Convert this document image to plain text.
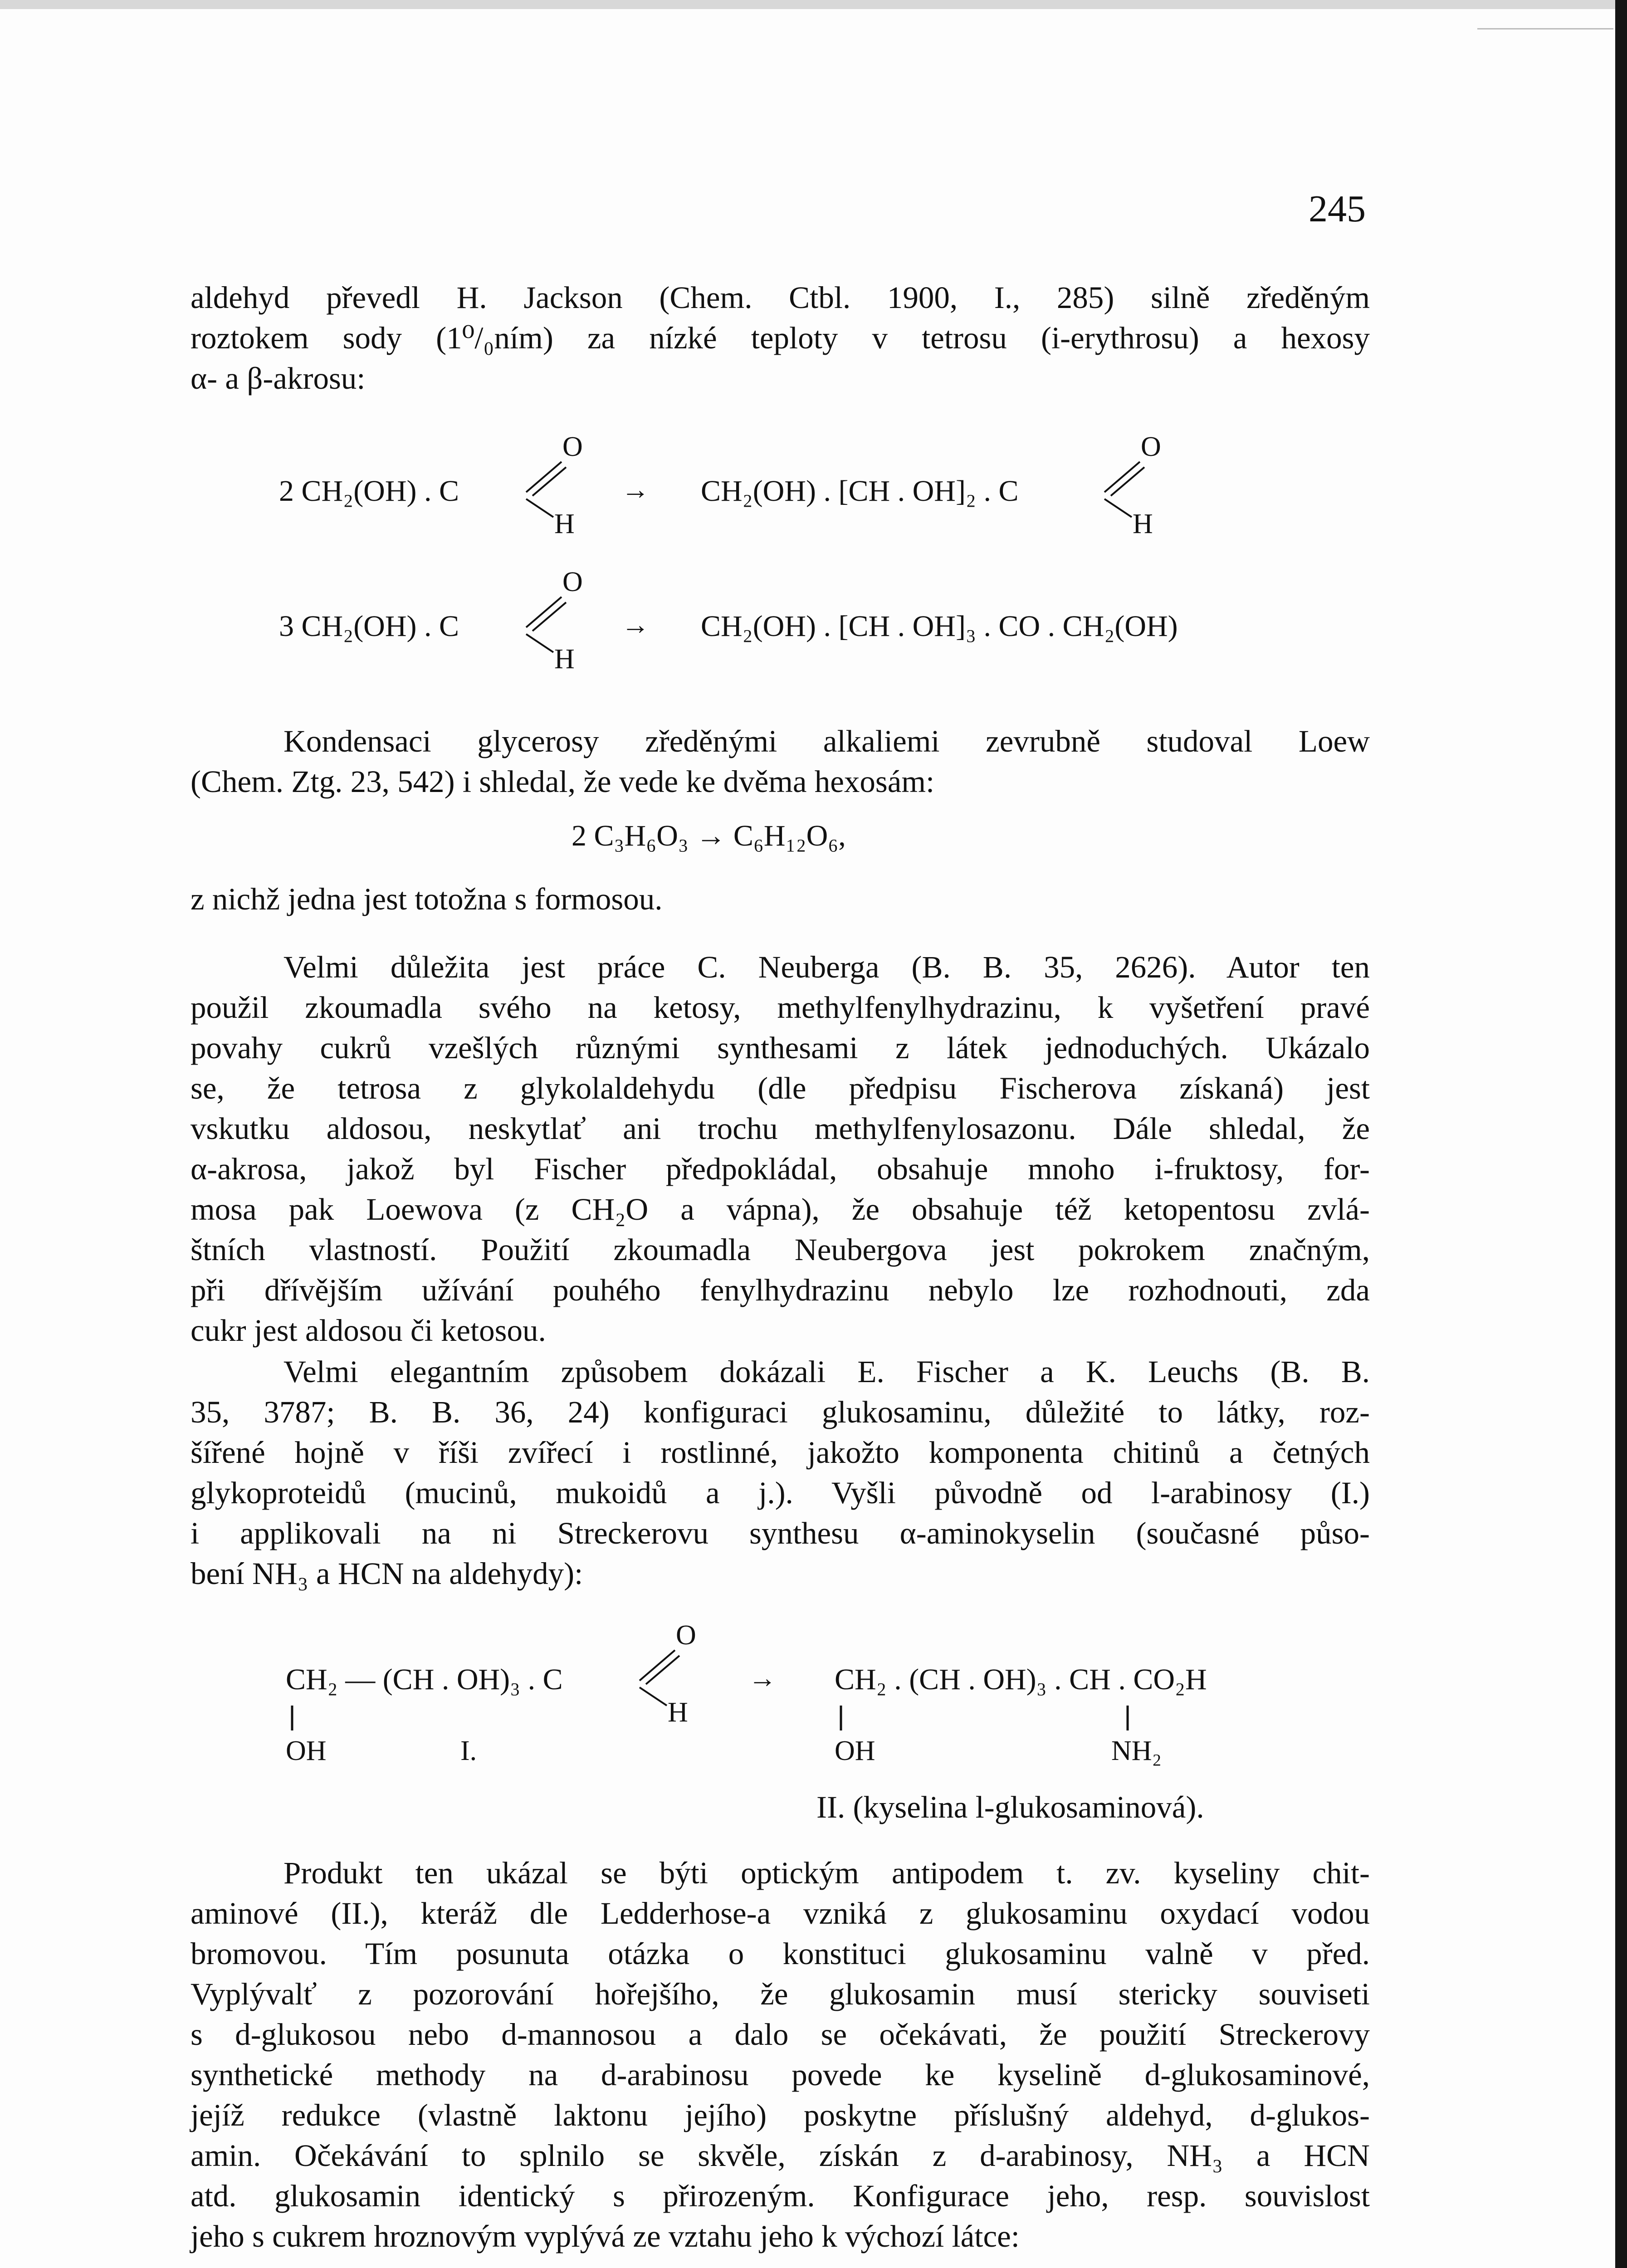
245
aldehyd převedl H. Jackson (Chem. Ctbl. 1900, I., 285) silně zředěným
roztokem sody (1⁰/₀ním) za nízké teploty v tetrosu (i-erythrosu) a hexosy
α- a β-akrosu:
2 CH₂(OH) . C
O
H
→ CH₂(OH) . [CH . OH]₂ . C
O
H
3 CH₂(OH) . C
O
H
→ CH₂(OH) . [CH . OH]₃ . CO . CH₂(OH)
Kondensaci glycerosy zředěnými alkaliemi zevrubně studoval Loew
(Chem. Ztg. 23, 542) i shledal, že vede ke dvěma hexosám:
2 C₃H₆O₃ → C₆H₁₂O₆,
z nichž jedna jest totožna s formosou.
Velmi důležita jest práce C. Neuberga (B. B. 35, 2626). Autor ten
použil zkoumadla svého na ketosy, methylfenylhydrazinu, k vyšetření pravé
povahy cukrů vzešlých různými synthesami z látek jednoduchých. Ukázalo
se, že tetrosa z glykolaldehydu (dle předpisu Fischerova získaná) jest
vskutku aldosou, neskytlať ani trochu methylfenylosazonu. Dále shledal, že
α-akrosa, jakož byl Fischer předpokládal, obsahuje mnoho i-fruktosy, for-
mosa pak Loewova (z CH₂O a vápna), že obsahuje též ketopentosu zvlá-
štních vlastností. Použití zkoumadla Neubergova jest pokrokem značným,
při dřívějším užívání pouhého fenylhydrazinu nebylo lze rozhodnouti, zda
cukr jest aldosou či ketosou.
Velmi elegantním způsobem dokázali E. Fischer a K. Leuchs (B. B.
35, 3787; B. B. 36, 24) konfiguraci glukosaminu, důležité to látky, roz-
šířené hojně v říši zvířecí i rostlinné, jakožto komponenta chitinů a četných
glykoproteidů (mucinů, mukoidů a j.). Vyšli původně od l-arabinosy (I.)
i applikovali na ni Streckerovu synthesu α-aminokyselin (současné půso-
bení NH₃ a HCN na aldehydy):
CH₂ — (CH . OH)₃ . C
O
H
OH	I.
→ CH₂ . (CH . OH)₃ . CH . CO₂H
OH	NH₂
II. (kyselina l-glukosaminová).
Produkt ten ukázal se býti optickým antipodem t. zv. kyseliny chit-
aminové (II.), kteráž dle Ledderhose-a vzniká z glukosaminu oxydací vodou
bromovou. Tím posunuta otázka o konstituci glukosaminu valně v před.
Vyplývalť z pozorování hořejšího, že glukosamin musí stericky souviseti
s d-glukosou nebo d-mannosou a dalo se očekávati, že použití Streckerovy
synthetické methody na d-arabinosu povede ke kyselině d-glukosaminové,
jejíž redukce (vlastně laktonu jejího) poskytne příslušný aldehyd, d-glukos-
amin. Očekávání to splnilo se skvěle, získán z d-arabinosy, NH₃ a HCN
atd. glukosamin identický s přirozeným. Konfigurace jeho, resp. souvislost
jeho s cukrem hroznovým vyplývá ze vztahu jeho k výchozí látce:
